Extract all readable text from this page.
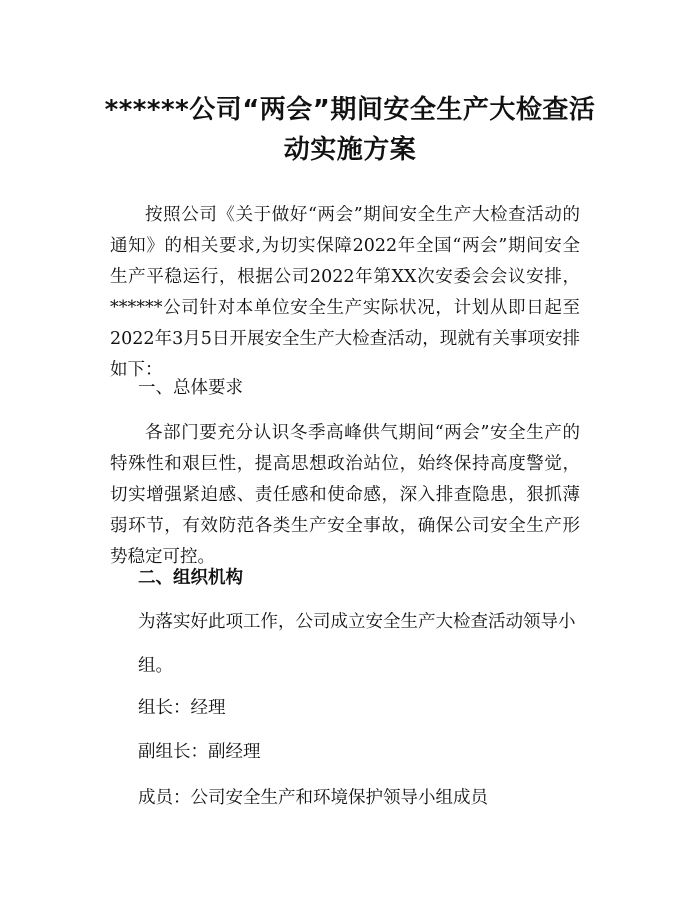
******公司“两会”期间安全生产大检查活动实施方案

按照公司《关于做好“两会”期间安全生产大检查活动的通知》的相关要求,为切实保障2022年全国“两会”期间安全生产平稳运行，根据公司2022年第XX次安委会会议安排，******公司针对本单位安全生产实际状况，计划从即日起至2022年3月5日开展安全生产大检查活动，现就有关事项安排如下：

一、总体要求

各部门要充分认识冬季高峰供气期间“两会”安全生产的特殊性和艰巨性，提高思想政治站位，始终保持高度警觉，切实增强紧迫感、责任感和使命感，深入排查隐患，狠抓薄弱环节，有效防范各类生产安全事故，确保公司安全生产形势稳定可控。

二、组织机构

为落实好此项工作，公司成立安全生产大检查活动领导小

组。

组长：经理

副组长：副经理

成员：公司安全生产和环境保护领导小组成员
